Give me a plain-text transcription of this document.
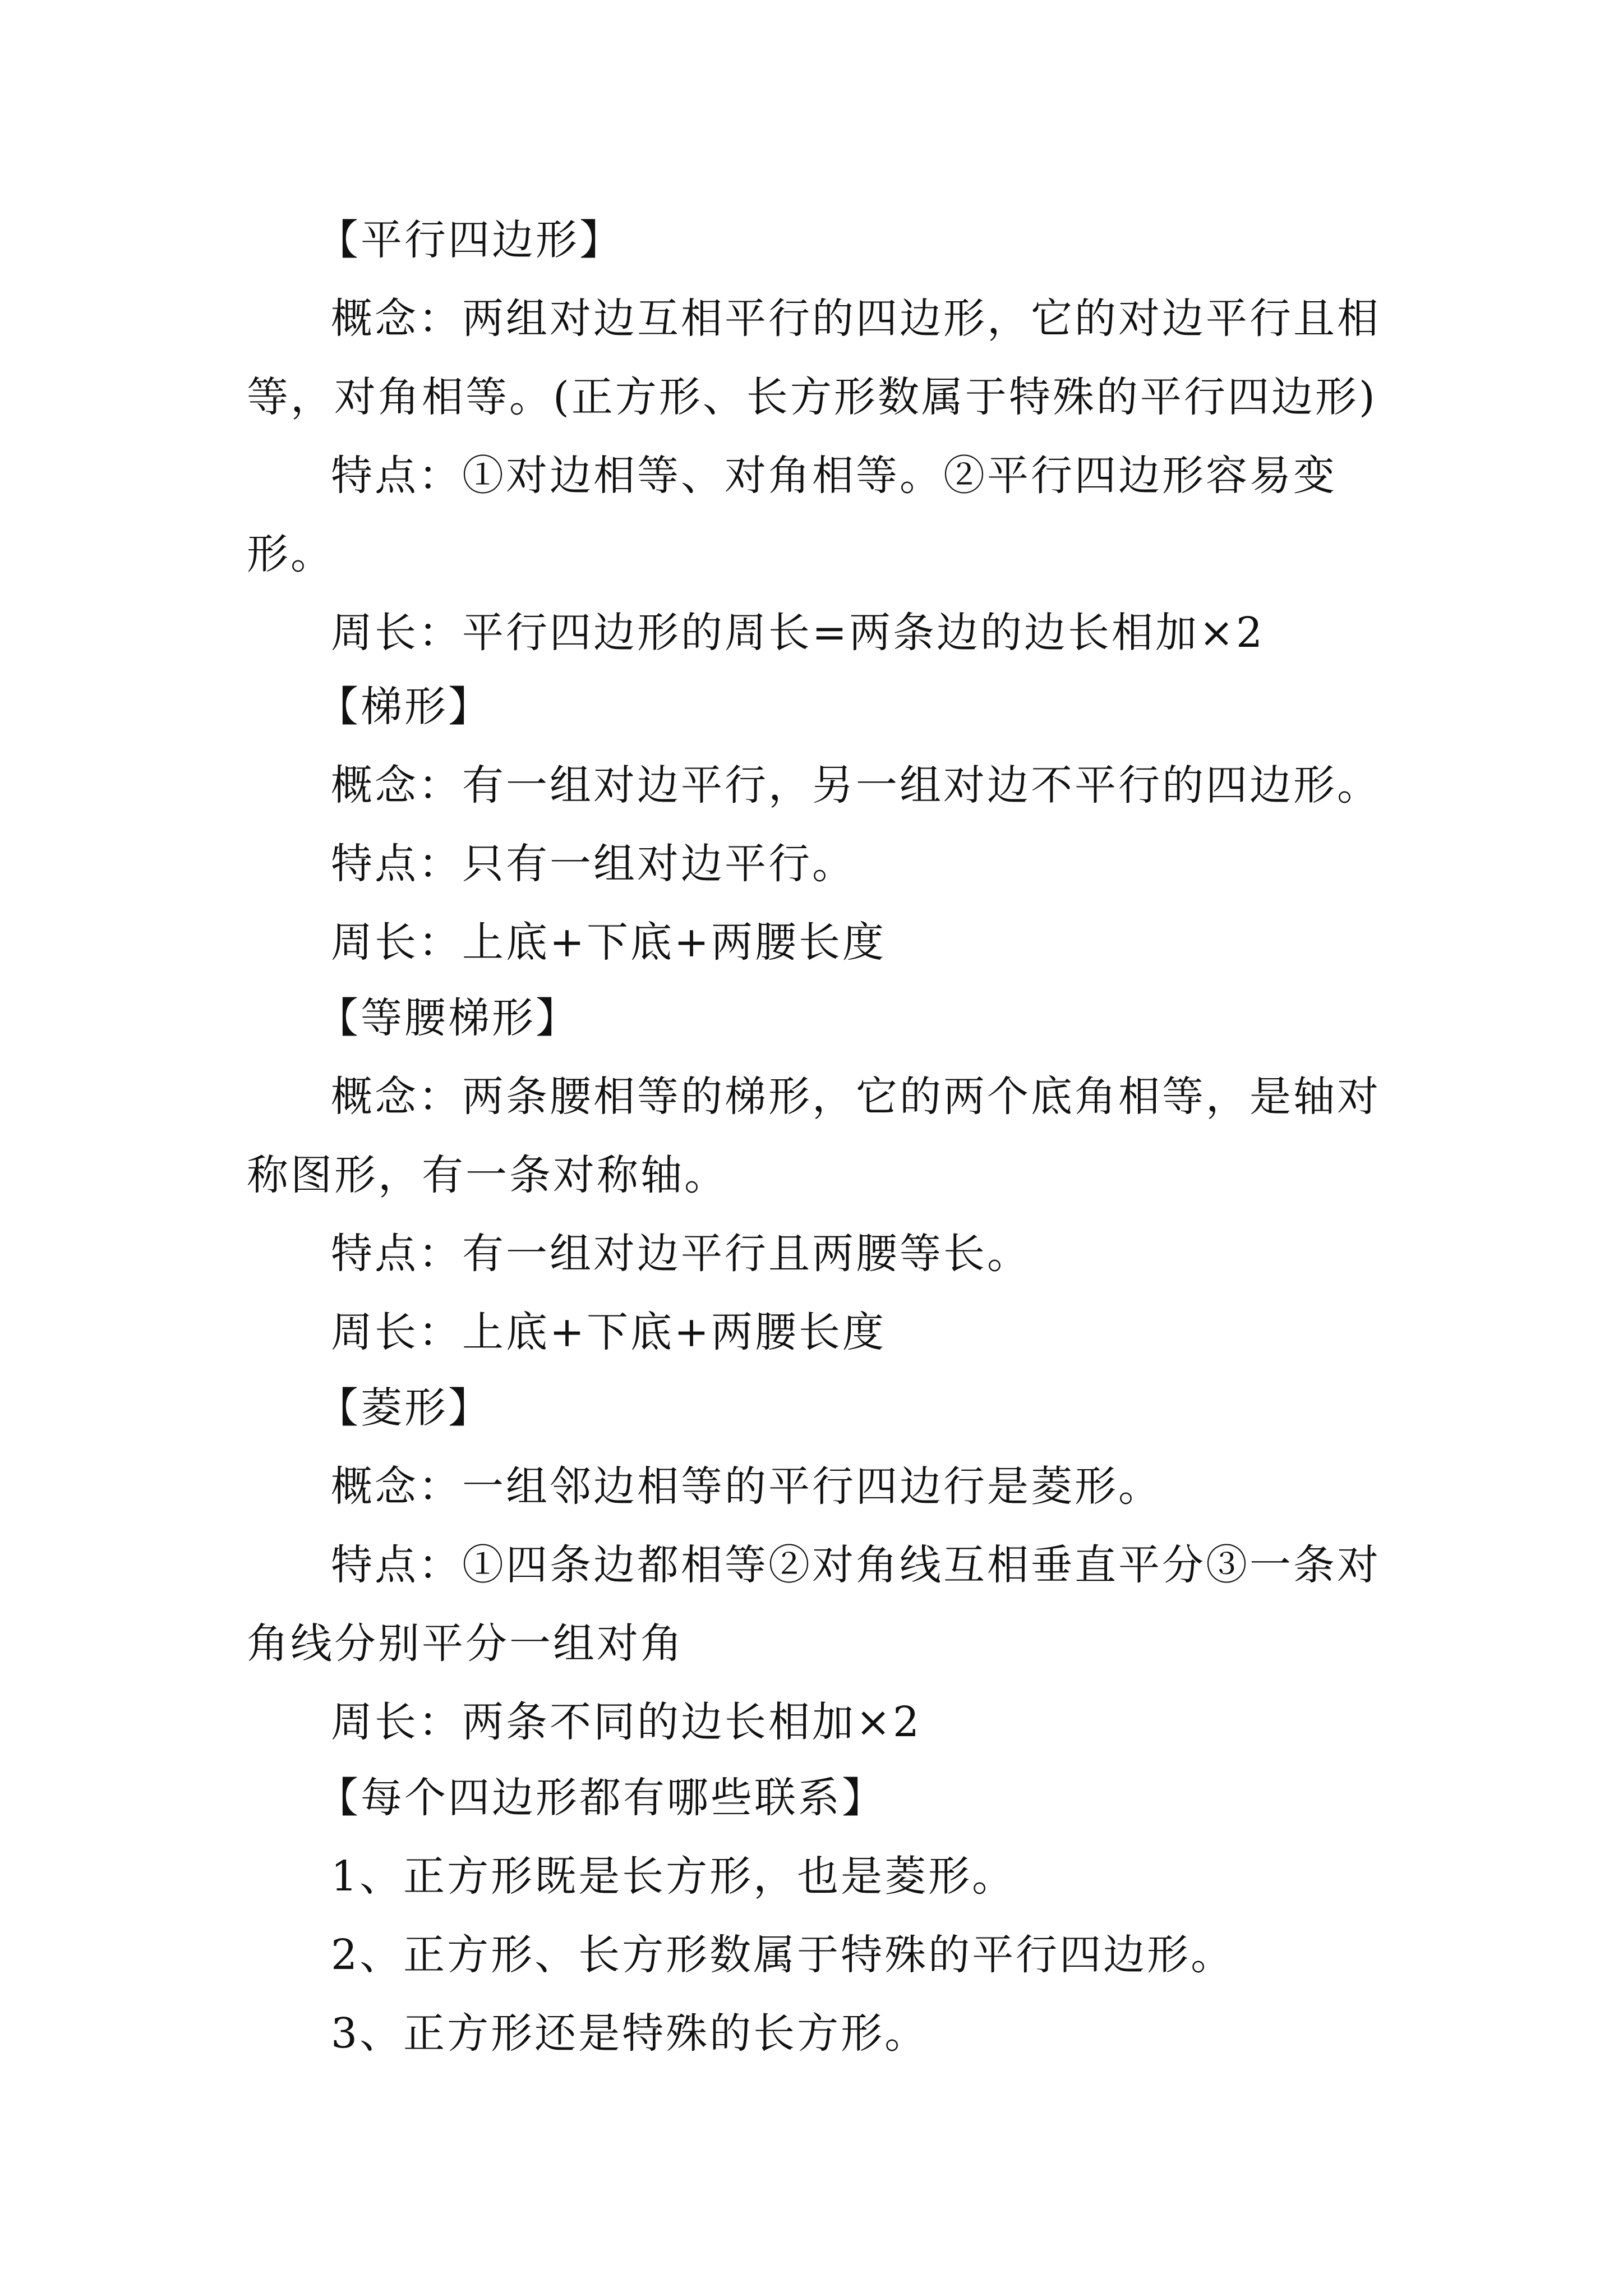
【平行四边形】
概念：两组对边互相平行的四边形，它的对边平行且相
等，对角相等。(正方形、长方形数属于特殊的平行四边形)
特点：①对边相等、对角相等。②平行四边形容易变
形。
周长：平行四边形的周长=两条边的边长相加×2
【梯形】
概念：有一组对边平行，另一组对边不平行的四边形。
特点：只有一组对边平行。
周长：上底+下底+两腰长度
【等腰梯形】
概念：两条腰相等的梯形，它的两个底角相等，是轴对
称图形，有一条对称轴。
特点：有一组对边平行且两腰等长。
周长：上底+下底+两腰长度
【菱形】
概念：一组邻边相等的平行四边行是菱形。
特点：①四条边都相等②对角线互相垂直平分③一条对
角线分别平分一组对角
周长：两条不同的边长相加×2
【每个四边形都有哪些联系】
1、正方形既是长方形，也是菱形。
2、正方形、长方形数属于特殊的平行四边形。
3、正方形还是特殊的长方形。
